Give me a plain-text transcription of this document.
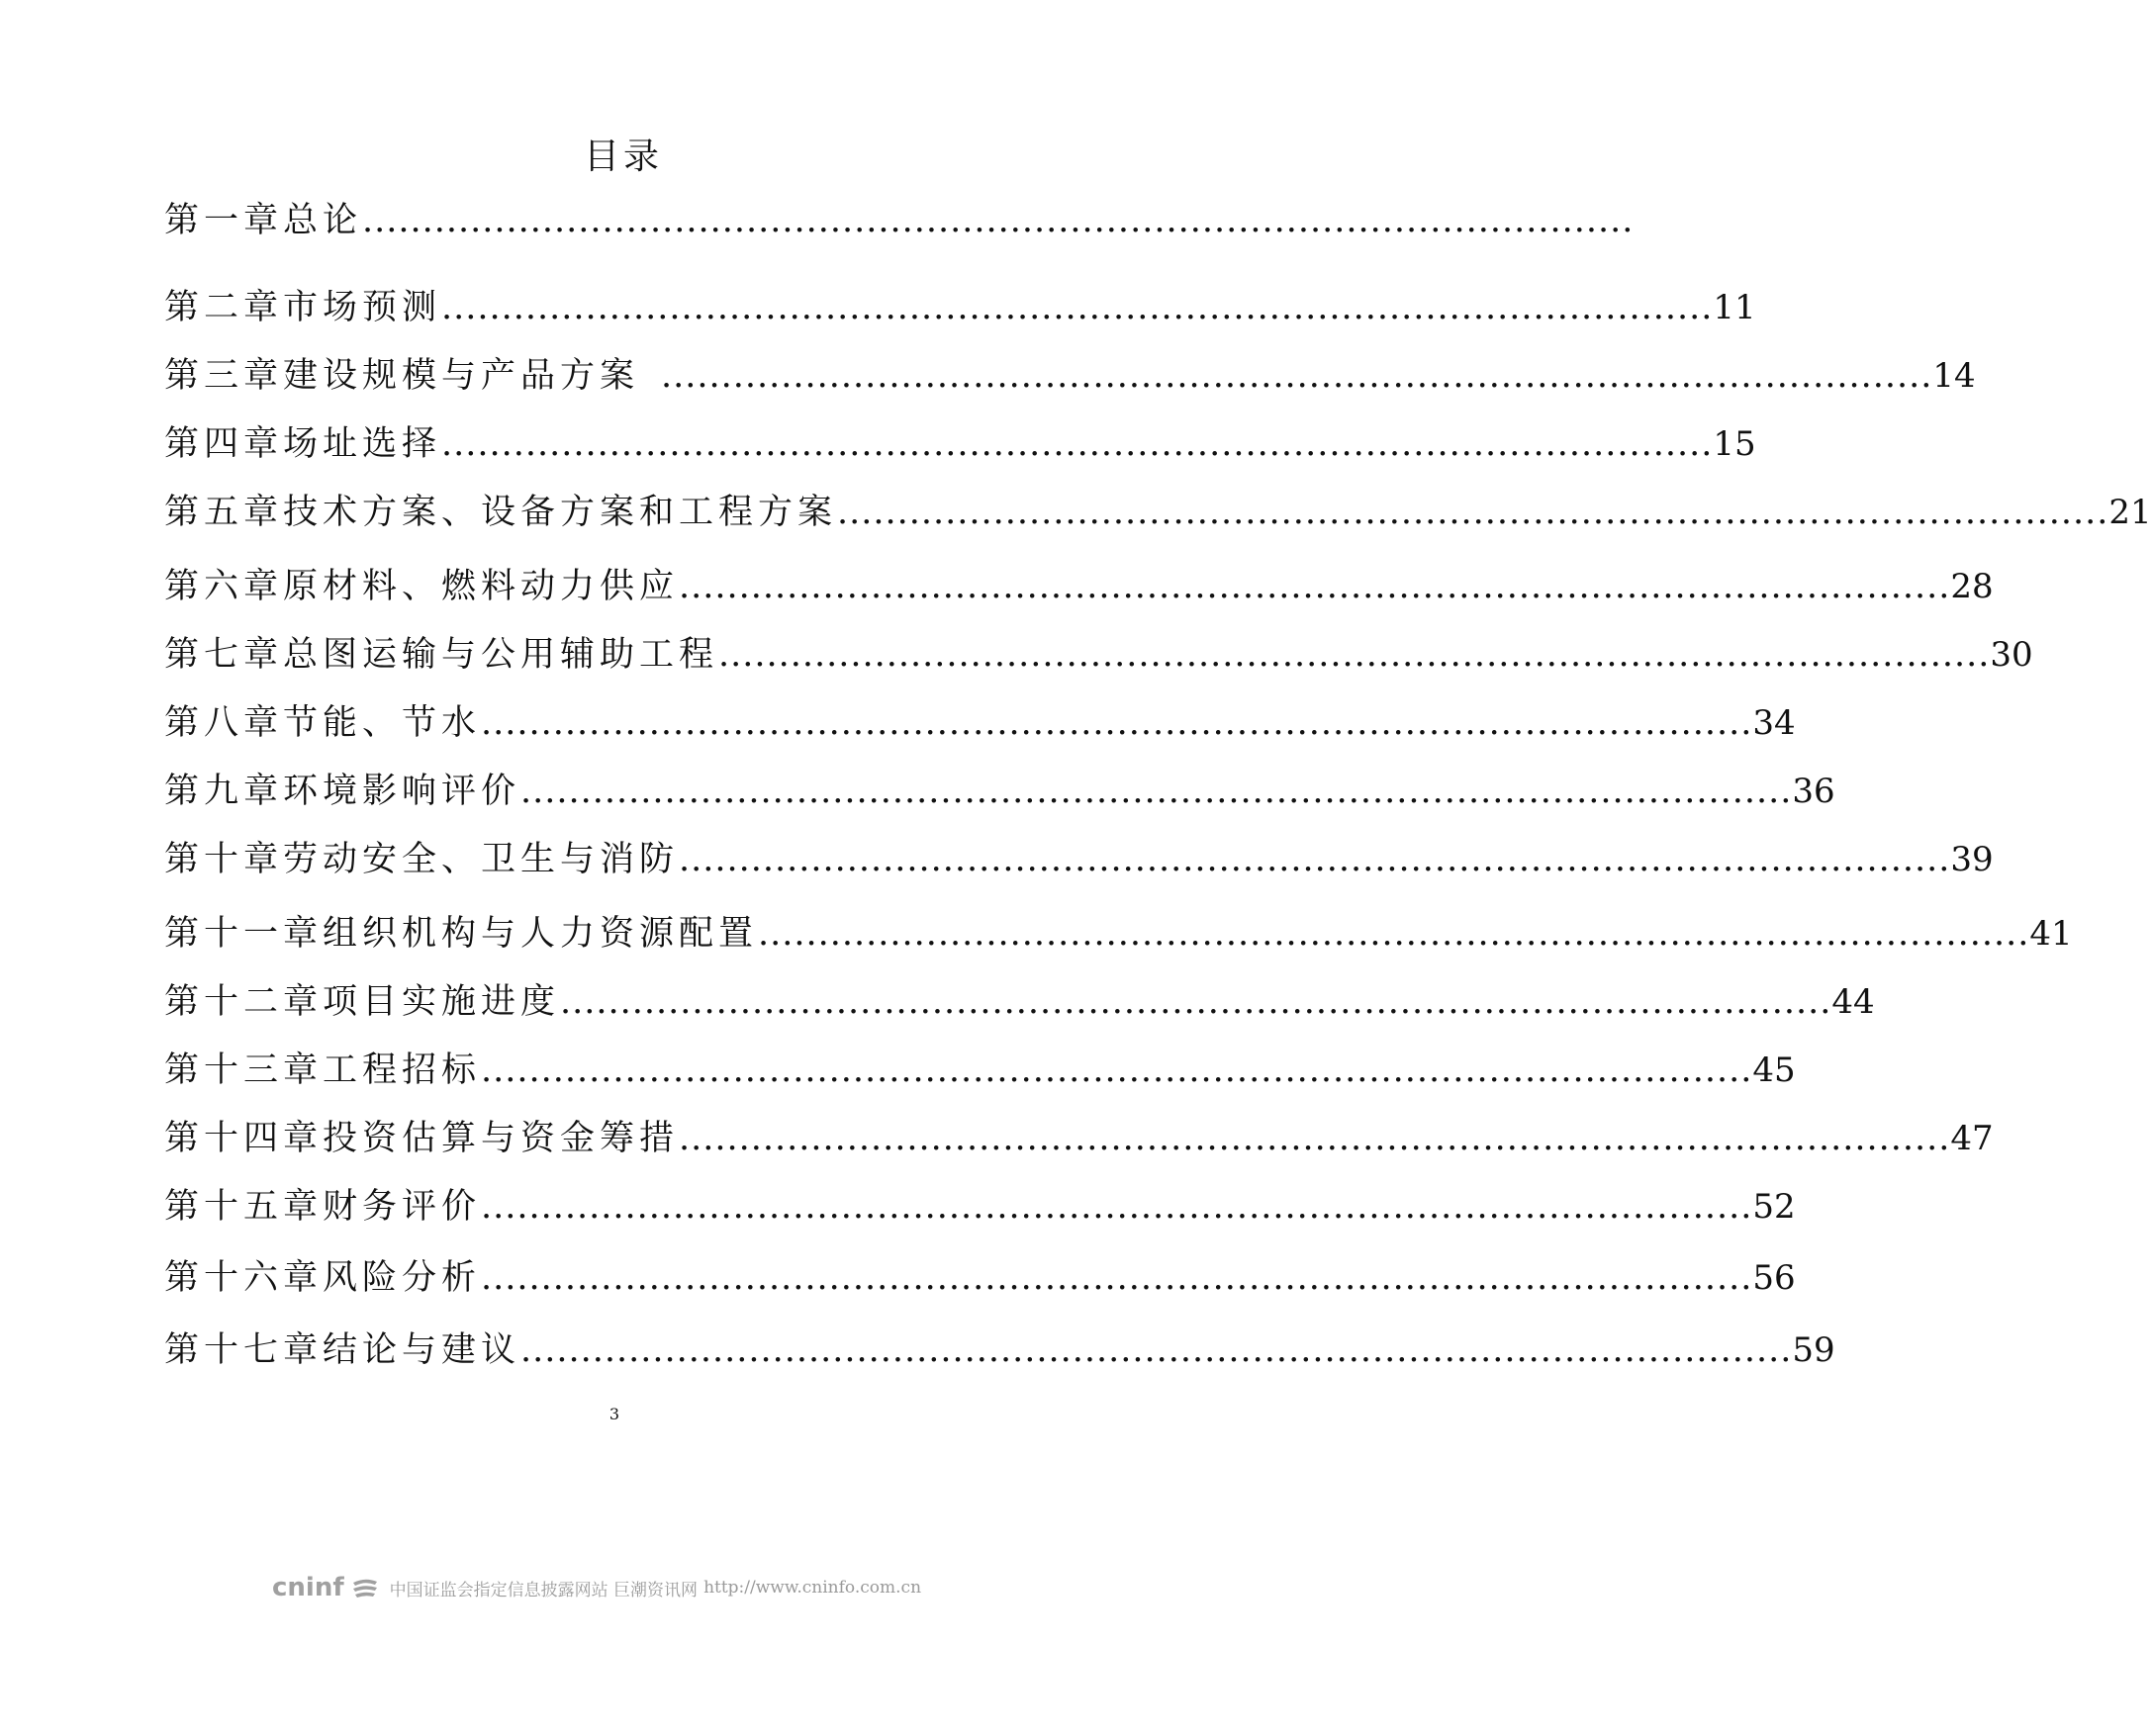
目录
第一章 总论 ..........................................................................................................
第二章 市场预测 .......................................................................................................... 11
第三章 建设规模与产品方案 .......................................................................................................... 14
第四章 场址选择 .......................................................................................................... 15
第五章 技术方案、设备方案和工程方案 .......................................................................................................... 21
第六章 原材料、燃料动力供应 .......................................................................................................... 28
第七章 总图运输与公用辅助工程 .......................................................................................................... 30
第八章 节能、节水 .......................................................................................................... 34
第九章 环境影响评价 .......................................................................................................... 36
第十章 劳动安全、卫生与消防 .......................................................................................................... 39
第十一章 组织机构与人力资源配置 .......................................................................................................... 41
第十二章 项目实施进度 .......................................................................................................... 44
第十三章 工程招标 .......................................................................................................... 45
第十四章 投资估算与资金筹措 .......................................................................................................... 47
第十五章 财务评价 .......................................................................................................... 52
第十六章 风险分析 .......................................................................................................... 56
第十七章 结论与建议 .......................................................................................................... 59
3
cninf	中国证监会指定信息披露网站 巨潮资讯网 http://www.cninfo.com.cn
